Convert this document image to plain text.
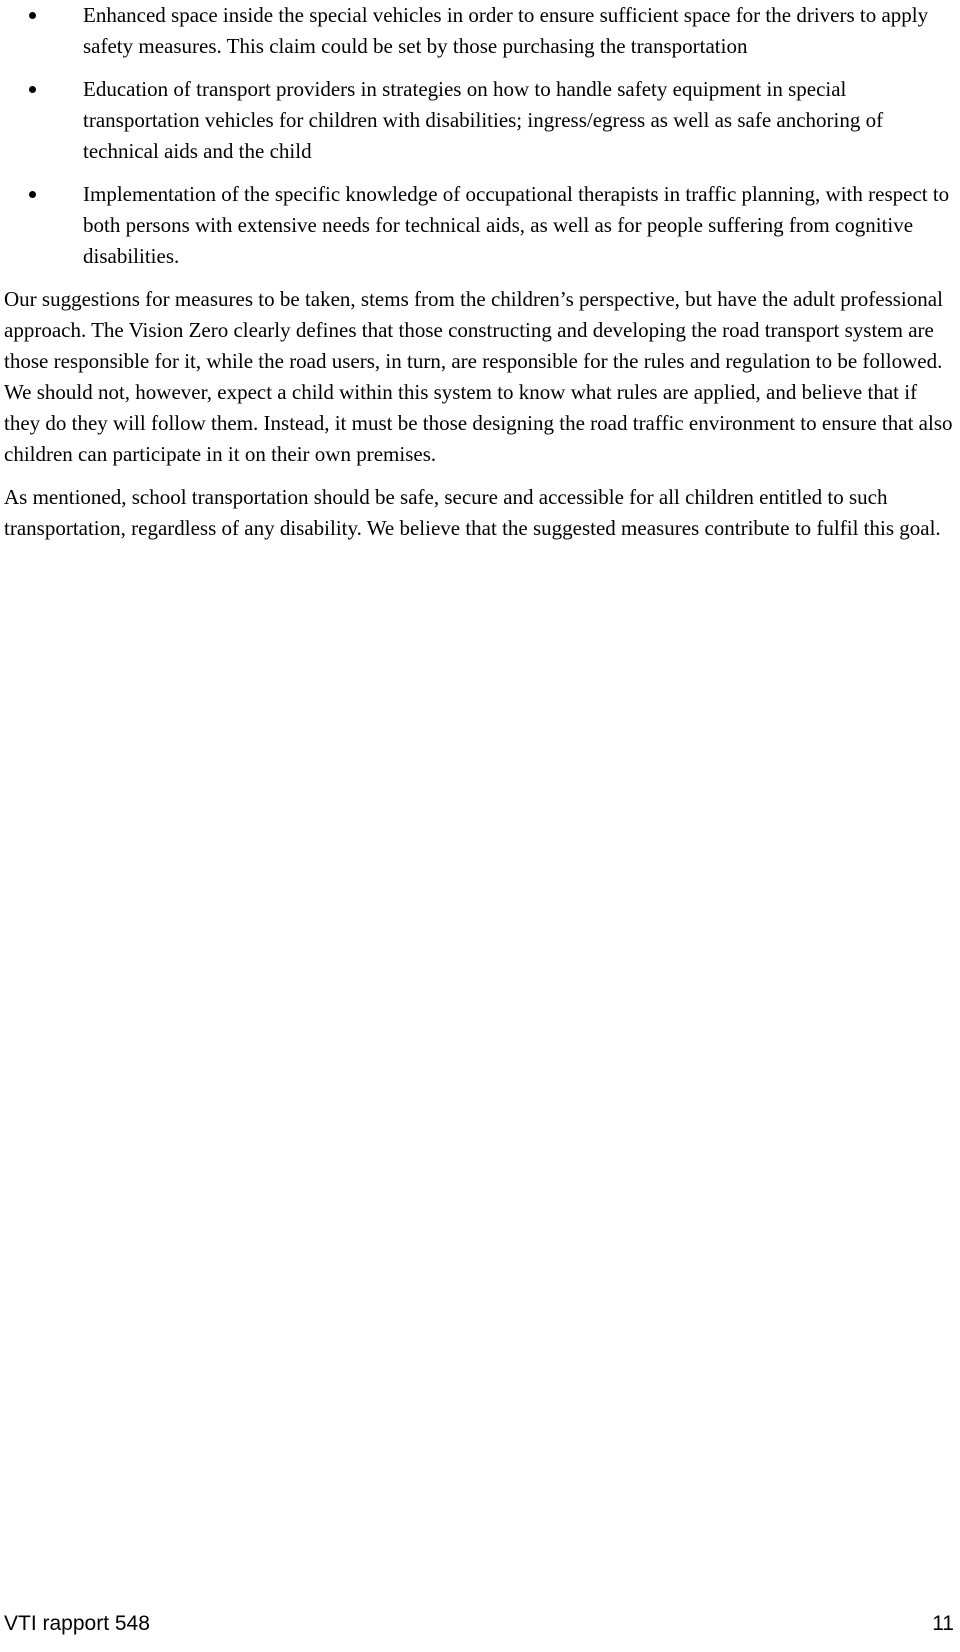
Enhanced space inside the special vehicles in order to ensure sufficient space for the drivers to apply safety measures. This claim could be set by those purchasing the transportation
Education of transport providers in strategies on how to handle safety equipment in special transportation vehicles for children with disabilities; ingress/egress as well as safe anchoring of technical aids and the child
Implementation of the specific knowledge of occupational therapists in traffic planning, with respect to both persons with extensive needs for technical aids, as well as for people suffering from cognitive disabilities.

Our suggestions for measures to be taken, stems from the children’s perspective, but have the adult professional approach. The Vision Zero clearly defines that those constructing and developing the road transport system are those responsible for it, while the road users, in turn, are responsible for the rules and regulation to be followed. We should not, however, expect a child within this system to know what rules are applied, and believe that if they do they will follow them. Instead, it must be those designing the road traffic environment to ensure that also children can participate in it on their own premises.

As mentioned, school transportation should be safe, secure and accessible for all children entitled to such transportation, regardless of any disability. We believe that the suggested measures contribute to fulfil this goal.

VTI rapport 548	11
